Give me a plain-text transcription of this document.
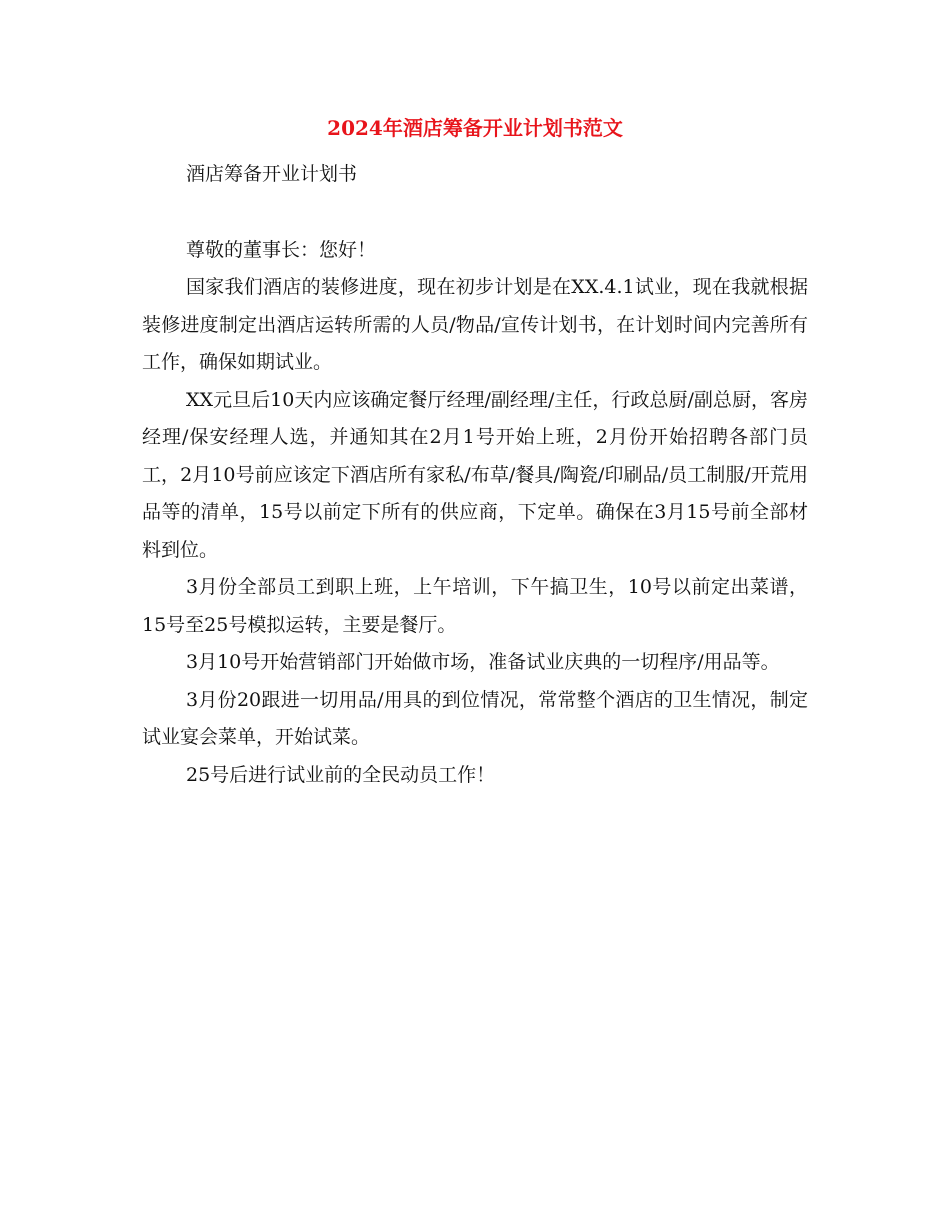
2024年酒店筹备开业计划书范文

酒店筹备开业计划书

尊敬的董事长：您好！

国家我们酒店的装修进度，现在初步计划是在XX.4.1试业，现在我就根据装修进度制定出酒店运转所需的人员/物品/宣传计划书，在计划时间内完善所有工作，确保如期试业。

XX元旦后10天内应该确定餐厅经理/副经理/主任，行政总厨/副总厨，客房经理/保安经理人选，并通知其在2月1号开始上班，2月份开始招聘各部门员工，2月10号前应该定下酒店所有家私/布草/餐具/陶瓷/印刷品/员工制服/开荒用品等的清单，15号以前定下所有的供应商，下定单。确保在3月15号前全部材料到位。

3月份全部员工到职上班，上午培训，下午搞卫生，10号以前定出菜谱，15号至25号模拟运转，主要是餐厅。

3月10号开始营销部门开始做市场，准备试业庆典的一切程序/用品等。

3月份20跟进一切用品/用具的到位情况，常常整个酒店的卫生情况，制定试业宴会菜单，开始试菜。

25号后进行试业前的全民动员工作！
